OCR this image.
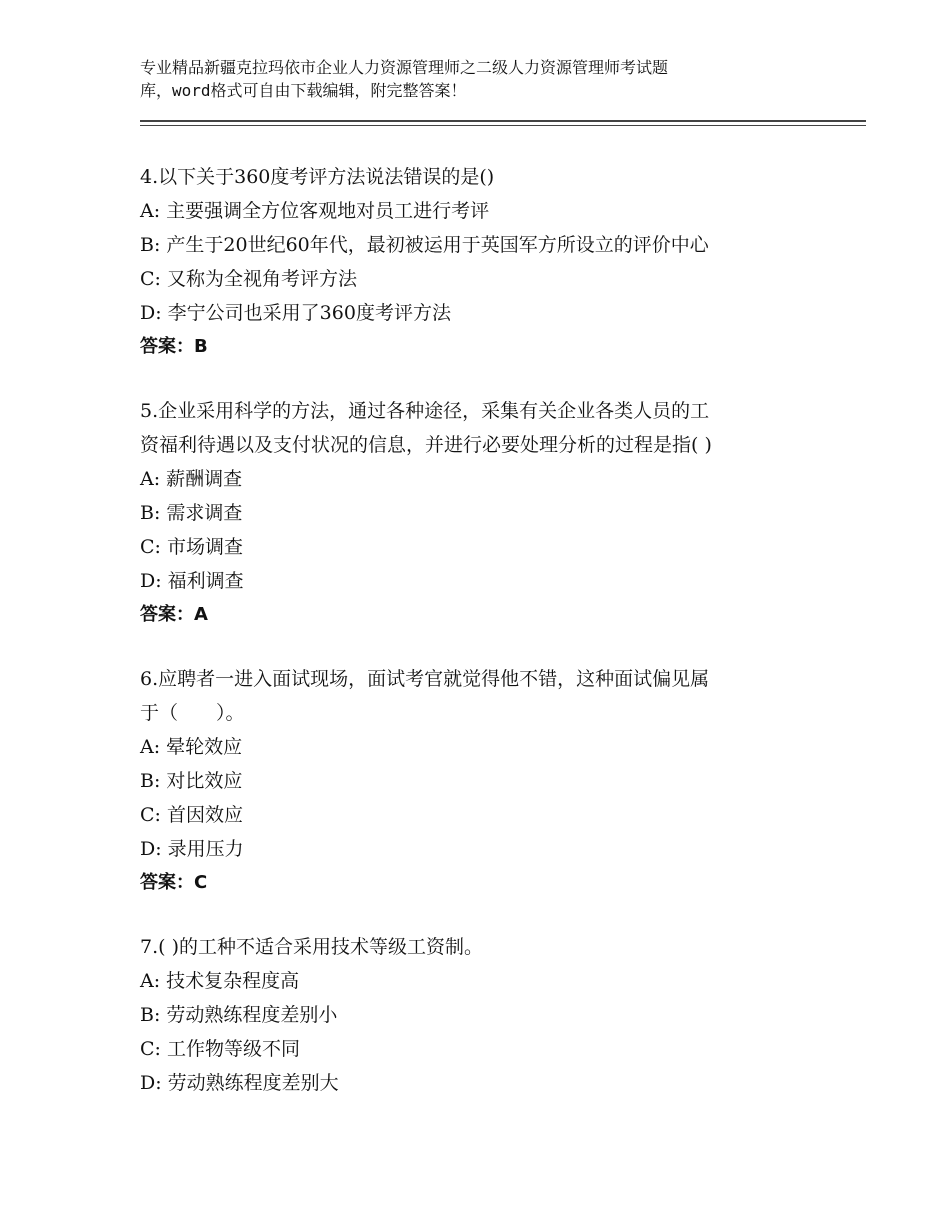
专业精品新疆克拉玛依市企业人力资源管理师之二级人力资源管理师考试题
库，word格式可自由下载编辑，附完整答案！
4.以下关于360度考评方法说法错误的是()
A: 主要强调全方位客观地对员工进行考评
B: 产生于20世纪60年代，最初被运用于英国军方所设立的评价中心
C: 又称为全视角考评方法
D: 李宁公司也采用了360度考评方法
答案：B
5.企业采用科学的方法，通过各种途径，采集有关企业各类人员的工
资福利待遇以及支付状况的信息，并进行必要处理分析的过程是指( )
A: 薪酬调查
B: 需求调查
C: 市场调查
D: 福利调查
答案：A
6.应聘者一进入面试现场，面试考官就觉得他不错，这种面试偏见属
于（　　）。
A: 晕轮效应
B: 对比效应
C: 首因效应
D: 录用压力
答案：C
7.( )的工种不适合采用技术等级工资制。
A: 技术复杂程度高
B: 劳动熟练程度差别小
C: 工作物等级不同
D: 劳动熟练程度差别大
